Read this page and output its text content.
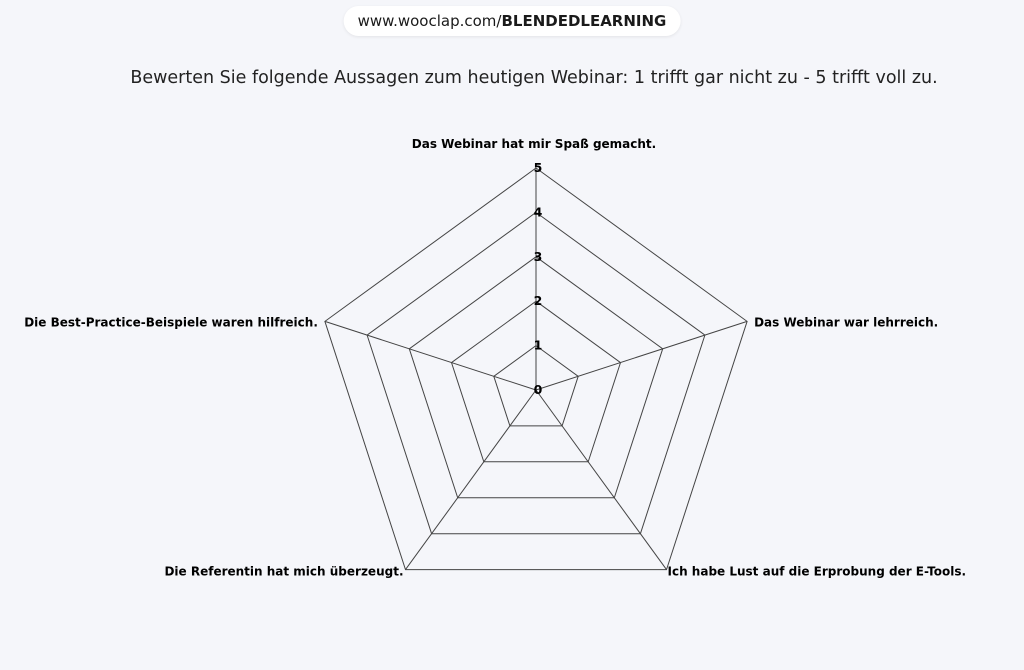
www.wooclap.com/ BLENDEDLEARNING
Bewerten Sie folgende Aussagen zum heutigen Webinar: 1 trifft gar nicht zu - 5 trifft voll zu.
0
1
2
3
4
5
Das Webinar hat mir Spaß gemacht.
Das Webinar war lehrreich.
Ich habe Lust auf die Erprobung der E-Tools.
Die Referentin hat mich überzeugt.
Die Best-Practice-Beispiele waren hilfreich.
